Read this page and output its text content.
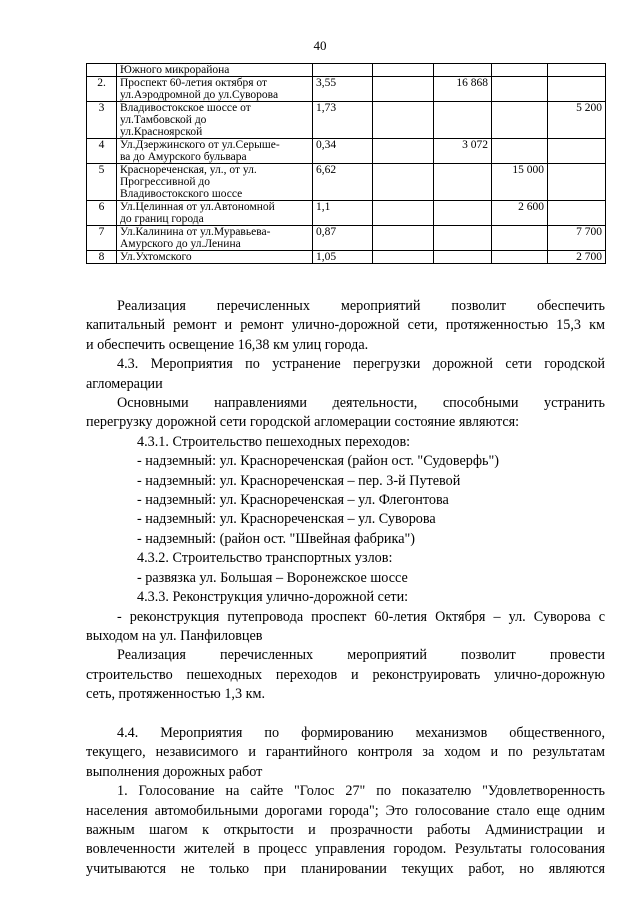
40

	Южного микрорайона					

2.	Проспект 60-летия октября от
ул.Аэродромной до ул.Суворова	3,55		16 868		
3	Владивостокское шоссе от
ул.Тамбовской до
ул.Красноярской	1,73				5 200
4	Ул.Дзержинского от ул.Серыше-
ва до Амурского бульвара	0,34		3 072		
5	Краснореченская, ул., от ул.
Прогрессивной до
Владивостокского шоссе	6,62			15 000	
6	Ул.Целинная от ул.Автономной
до границ города	1,1			2 600	
7	Ул.Калинина от ул.Муравьева-
Амурского до ул.Ленина	0,87				7 700
8	Ул.Ухтомского	1,05				2 700
Реализация перечисленных мероприятий позволит обеспечить
капитальный ремонт и ремонт улично-дорожной сети, протяженностью 15,3 км
и обеспечить освещение 16,38 км улиц города.
4.3. Мероприятия по устранение перегрузки дорожной сети городской
агломерации
Основными направлениями деятельности, способными устранить
перегрузку дорожной сети городской агломерации состояние являются:
4.3.1. Строительство пешеходных переходов:
- надземный: ул. Краснореченская (район ост. "Судоверфь")
- надземный: ул. Краснореченская – пер. 3-й Путевой
- надземный: ул. Краснореченская – ул. Флегонтова
- надземный: ул. Краснореченская – ул. Суворова
- надземный: (район ост. "Швейная фабрика")
4.3.2. Строительство транспортных узлов:
- развязка ул. Большая – Воронежское шоссе
4.3.3. Реконструкция улично-дорожной сети:
- реконструкция путепровода проспект 60-летия Октября – ул. Суворова с
выходом на ул. Панфиловцев
Реализация перечисленных мероприятий позволит провести
строительство пешеходных переходов и реконструировать улично-дорожную
сеть, протяженностью 1,3 км.
4.4. Мероприятия по формированию механизмов общественного,
текущего, независимого и гарантийного контроля за ходом и по результатам
выполнения дорожных работ
1. Голосование на сайте "Голос 27" по показателю "Удовлетворенность
населения автомобильными дорогами города"; Это голосование стало еще одним
важным шагом к открытости и прозрачности работы Администрации и
вовлеченности жителей в процесс управления городом. Результаты голосования
учитываются не только при планировании текущих работ, но являются
